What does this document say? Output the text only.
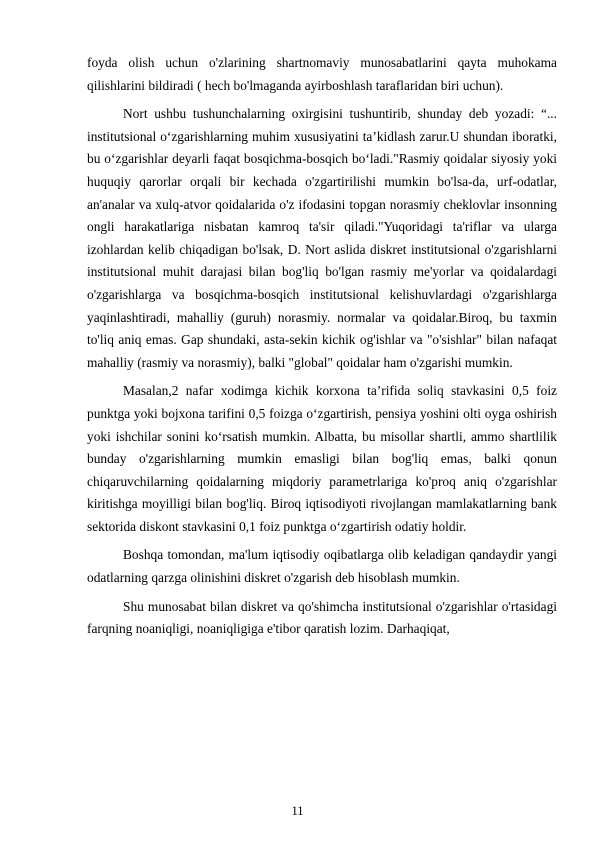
foyda olish uchun o'zlarining shartnomaviy munosabatlarini qayta muhokama qilishlarini bildiradi ( hech bo'lmaganda ayirboshlash taraflaridan biri uchun).

Nort ushbu tushunchalarning oxirgisini tushuntirib, shunday deb yozadi: “... institutsional o‘zgarishlarning muhim xususiyatini ta’kidlash zarur.U shundan iboratki, bu o‘zgarishlar deyarli faqat bosqichma-bosqich bo‘ladi."Rasmiy qoidalar siyosiy yoki huquqiy qarorlar orqali bir kechada o'zgartirilishi mumkin bo'lsa-da, urf-odatlar, an'analar va xulq-atvor qoidalarida o'z ifodasini topgan norasmiy cheklovlar insonning ongli harakatlariga nisbatan kamroq ta'sir qiladi."Yuqoridagi ta'riflar va ularga izohlardan kelib chiqadigan bo'lsak, D. Nort aslida diskret institutsional o'zgarishlarni institutsional muhit darajasi bilan bog'liq bo'lgan rasmiy me'yorlar va qoidalardagi o'zgarishlarga va bosqichma-bosqich institutsional kelishuvlardagi o'zgarishlarga yaqinlashtiradi, mahalliy (guruh) norasmiy. normalar va qoidalar.Biroq, bu taxmin to'liq aniq emas. Gap shundaki, asta-sekin kichik og'ishlar va "o'sishlar" bilan nafaqat mahalliy (rasmiy va norasmiy), balki "global" qoidalar ham o'zgarishi mumkin.

Masalan,2 nafar xodimga kichik korxona ta’rifida soliq stavkasini 0,5 foiz punktga yoki bojxona tarifini 0,5 foizga o‘zgartirish, pensiya yoshini olti oyga oshirish yoki ishchilar sonini ko‘rsatish mumkin. Albatta, bu misollar shartli, ammo shartlilik bunday o'zgarishlarning mumkin emasligi bilan bog'liq emas, balki qonun chiqaruvchilarning qoidalarning miqdoriy parametrlariga ko'proq aniq o'zgarishlar kiritishga moyilligi bilan bog'liq. Biroq iqtisodiyoti rivojlangan mamlakatlarning bank sektorida diskont stavkasini 0,1 foiz punktga o‘zgartirish odatiy holdir.

Boshqa tomondan, ma'lum iqtisodiy oqibatlarga olib keladigan qandaydir yangi odatlarning qarzga olinishini diskret o'zgarish deb hisoblash mumkin.

Shu munosabat bilan diskret va qo'shimcha institutsional o'zgarishlar o'rtasidagi farqning noaniqligi, noaniqligiga e'tibor qaratish lozim. Darhaqiqat,

11
